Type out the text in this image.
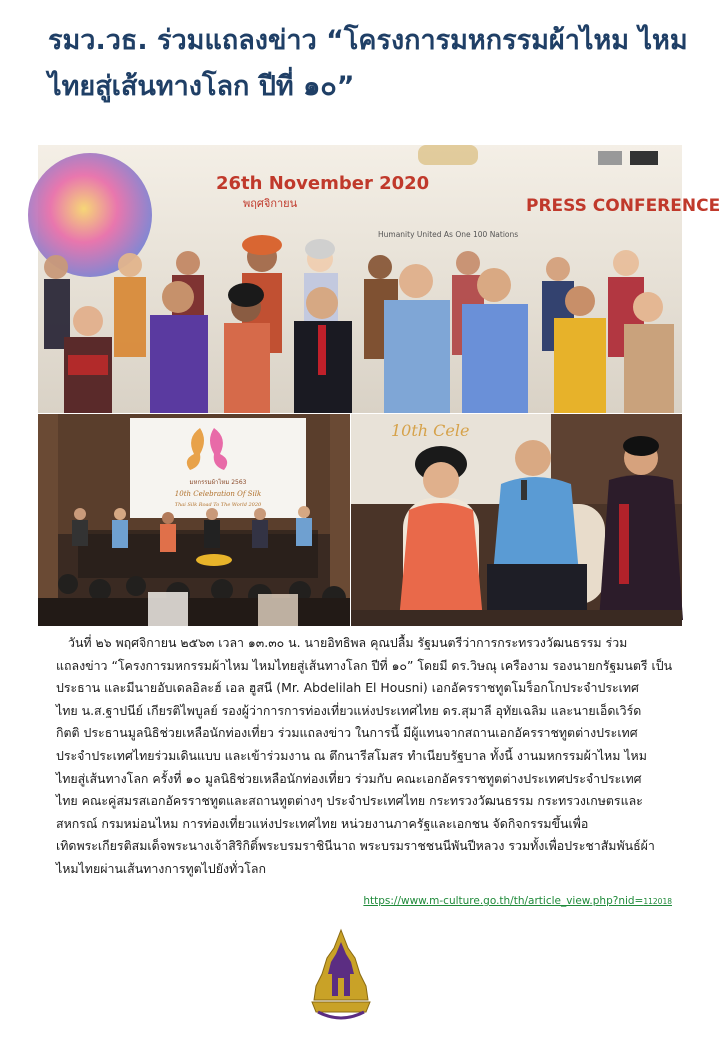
รมว.วธ. ร่วมแถลงข่าว “โครงการมหกรรมผ้าไหม ไหม
ไทยสู่เส้นทางโลก ปีที่ ๑๐”
26th November 2020
พฤศจิกายน	PRESS CONFERENCE
Humanity United As One 100 Nations
มหกรรมผ้าไหม 2563
10th Celebration Of Silk
Thai Silk Road To The World 2020
10th Cele
วันที่ ๒๖ พฤศจิกายน ๒๕๖๓ เวลา ๑๓.๓๐ น. นายอิทธิพล คุณปลื้ม รัฐมนตรีว่าการกระทรวงวัฒนธรรม ร่วม
แถลงข่าว “โครงการมหกรรมผ้าไหม ไหมไทยสู่เส้นทางโลก ปีที่ ๑๐” โดยมี ดร.วิษณุ เครืองาม รองนายกรัฐมนตรี เป็น
ประธาน และมีนายอับเดลอิละฮ์ เอล ฮูสนี (Mr. Abdelilah El Housni) เอกอัครราชทูตโมร็อกโกประจำประเทศ
ไทย น.ส.ฐาปนีย์ เกียรติไพบูลย์ รองผู้ว่าการการท่องเที่ยวแห่งประเทศไทย ดร.สุมาลี อุทัยเฉลิม และนายเอ็ดเวิร์ด
กิตติ ประธานมูลนิธิช่วยเหลือนักท่องเที่ยว ร่วมแถลงข่าว ในการนี้ มีผู้แทนจากสถานเอกอัครราชทูตต่างประเทศ
ประจำประเทศไทยร่วมเดินแบบ และเข้าร่วมงาน ณ ตึกนารีสโมสร ทำเนียบรัฐบาล ทั้งนี้ งานมหกรรมผ้าไหม ไหม
ไทยสู่เส้นทางโลก ครั้งที่ ๑๐ มูลนิธิช่วยเหลือนักท่องเที่ยว ร่วมกับ คณะเอกอัครราชทูตต่างประเทศประจำประเทศ
ไทย คณะคู่สมรสเอกอัครราชทูตและสถานทูตต่างๆ ประจำประเทศไทย กระทรวงวัฒนธรรม กระทรวงเกษตรและ
สหกรณ์ กรมหม่อนไหม การท่องเที่ยวแห่งประเทศไทย หน่วยงานภาครัฐและเอกชน จัดกิจกรรมขึ้นเพื่อ
เทิดพระเกียรติสมเด็จพระนางเจ้าสิริกิติ์พระบรมราชินีนาถ พระบรมราชชนนีพันปีหลวง รวมทั้งเพื่อประชาสัมพันธ์ผ้า
ไหมไทยผ่านเส้นทางการทูตไปยังทั่วโลก
https://www.m-culture.go.th/th/article_view.php?nid=112018
